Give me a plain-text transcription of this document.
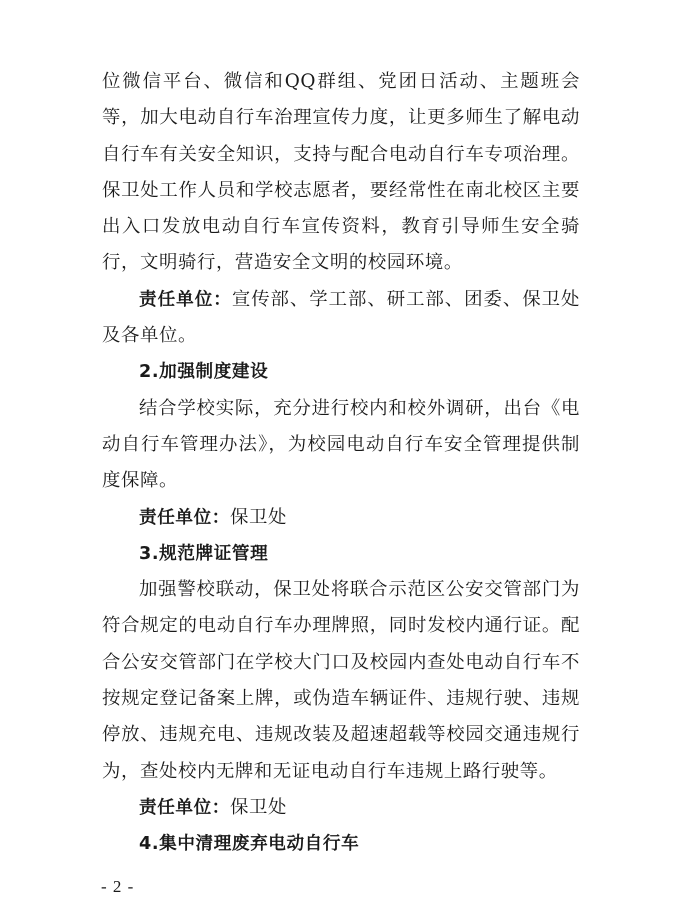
位微信平台、微信和QQ群组、党团日活动、主题班会等，加大电动自行车治理宣传力度，让更多师生了解电动自行车有关安全知识，支持与配合电动自行车专项治理。保卫处工作人员和学校志愿者，要经常性在南北校区主要出入口发放电动自行车宣传资料，教育引导师生安全骑行，文明骑行，营造安全文明的校园环境。

责任单位：宣传部、学工部、研工部、团委、保卫处及各单位。

2.加强制度建设

结合学校实际，充分进行校内和校外调研，出台《电动自行车管理办法》，为校园电动自行车安全管理提供制度保障。

责任单位：保卫处

3.规范牌证管理

加强警校联动，保卫处将联合示范区公安交管部门为符合规定的电动自行车办理牌照，同时发校内通行证。配合公安交管部门在学校大门口及校园内查处电动自行车不按规定登记备案上牌，或伪造车辆证件、违规行驶、违规停放、违规充电、违规改装及超速超载等校园交通违规行为，查处校内无牌和无证电动自行车违规上路行驶等。

责任单位：保卫处

4.集中清理废弃电动自行车

- 2 -
